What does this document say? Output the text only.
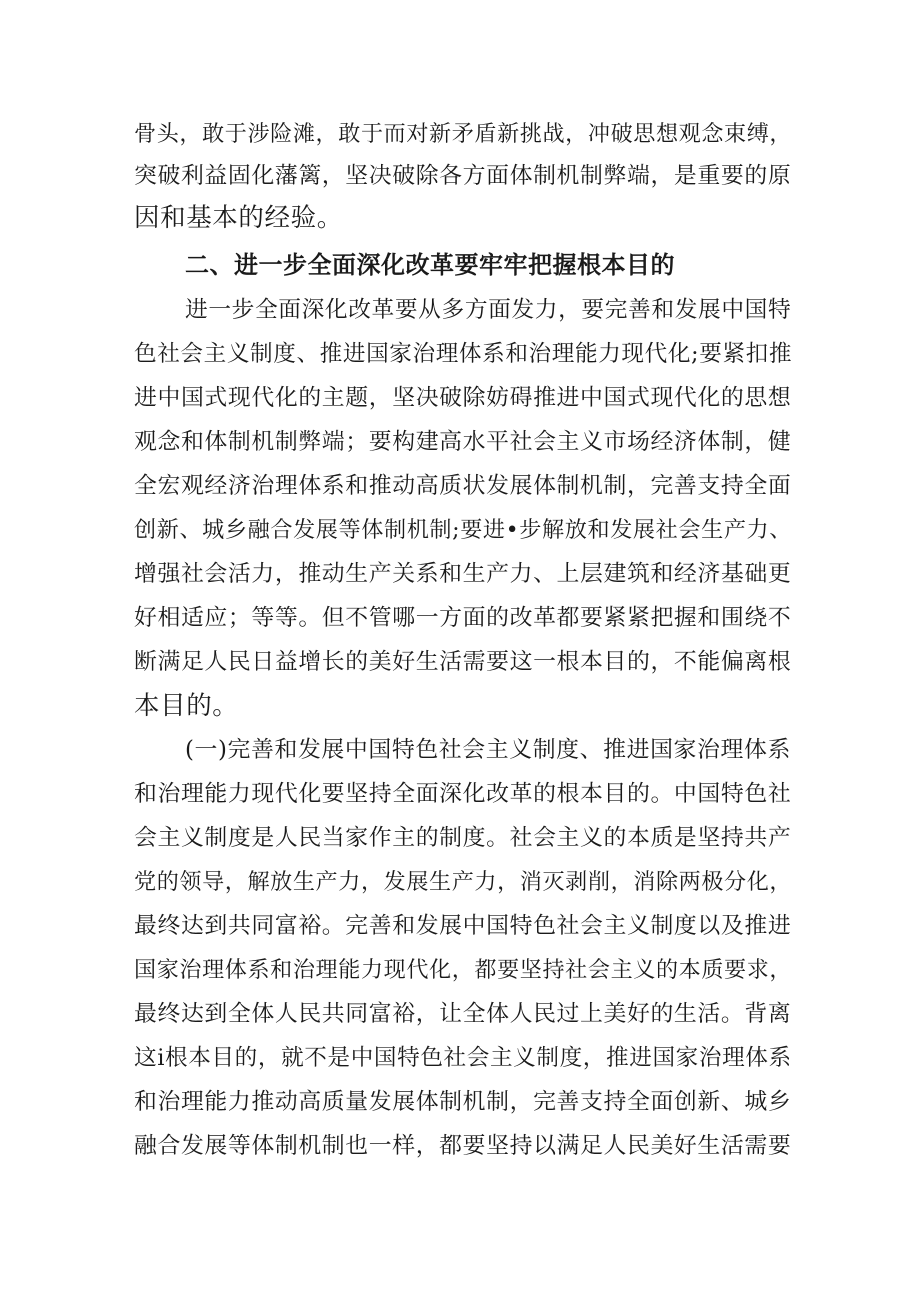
骨头，敢于涉险滩，敢于而对新矛盾新挑战，冲破思想观念束缚，
突破利益固化藩篱，坚决破除各方面体制机制弊端，是重要的原
因和基本的经验。
二、进一步全面深化改革要牢牢把握根本目的
进一步全面深化改革要从多方面发力，要完善和发展中国特
色社会主义制度、推进国家治理体系和治理能力现代化;要紧扣推
进中国式现代化的主题，坚决破除妨碍推进中国式现代化的思想
观念和体制机制弊端；要构建高水平社会主义市场经济体制，健
全宏观经济治理体系和推动高质状发展体制机制，完善支持全面
创新、城乡融合发展等体制机制;要进•步解放和发展社会生产力、
增强社会活力，推动生产关系和生产力、上层建筑和经济基础更
好相适应；等等。但不管哪一方面的改革都要紧紧把握和围绕不
断满足人民日益增长的美好生活需要这一根本目的，不能偏离根
本目的。
(一)完善和发展中国特色社会主义制度、推进国家治理体系
和治理能力现代化要坚持全面深化改革的根本目的。中国特色社
会主义制度是人民当家作主的制度。社会主义的本质是坚持共产
党的领导，解放生产力，发展生产力，消灭剥削，消除两极分化，
最终达到共同富裕。完善和发展中国特色社会主义制度以及推进
国家治理体系和治理能力现代化，都要坚持社会主义的本质要求，
最终达到全体人民共同富裕，让全体人民过上美好的生活。背离
这i根本目的，就不是中国特色社会主义制度，推进国家治理体系
和治理能力推动高质量发展体制机制，完善支持全面创新、城乡
融合发展等体制机制也一样，都要坚持以满足人民美好生活需要
